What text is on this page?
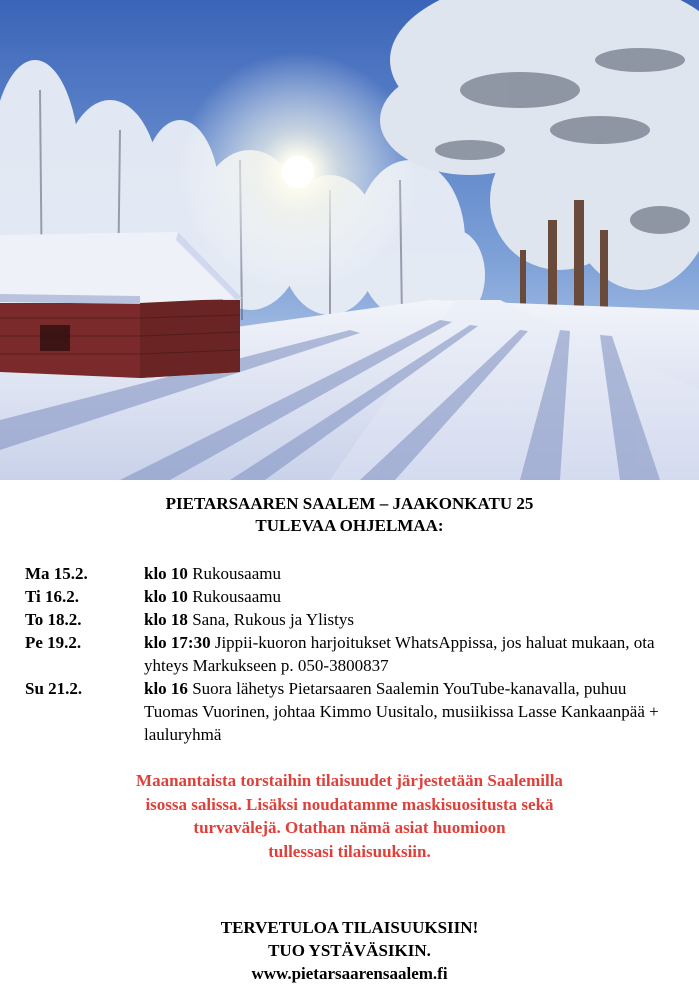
PIETARSAAREN SAALEM – JAAKONKATU 25
TULEVAA OHJELMAA:
Ma 15.2.	klo 10 Rukousaamu
Ti 16.2.	klo 10 Rukousaamu
To 18.2.	klo 18 Sana, Rukous ja Ylistys
Pe 19.2.	klo 17:30 Jippii-kuoron harjoitukset WhatsAppissa, jos haluat mukaan, ota yhteys Markukseen p. 050-3800837
Su 21.2.	klo 16 Suora lähetys Pietarsaaren Saalemin YouTube-kanavalla, puhuu Tuomas Vuorinen, johtaa Kimmo Uusitalo, musiikissa Lasse Kankaanpää + lauluryhmä
Maanantaista torstaihin tilaisuudet järjestetään Saalemilla
isossa salissa. Lisäksi noudatamme maskisuositusta sekä
turvavälejä. Otathan nämä asiat huomioon
tullessasi tilaisuuksiin.
TERVETULOA TILAISUUKSIIN!
TUO YSTÄVÄSIKIN.
www.pietarsaarensaalem.fi
